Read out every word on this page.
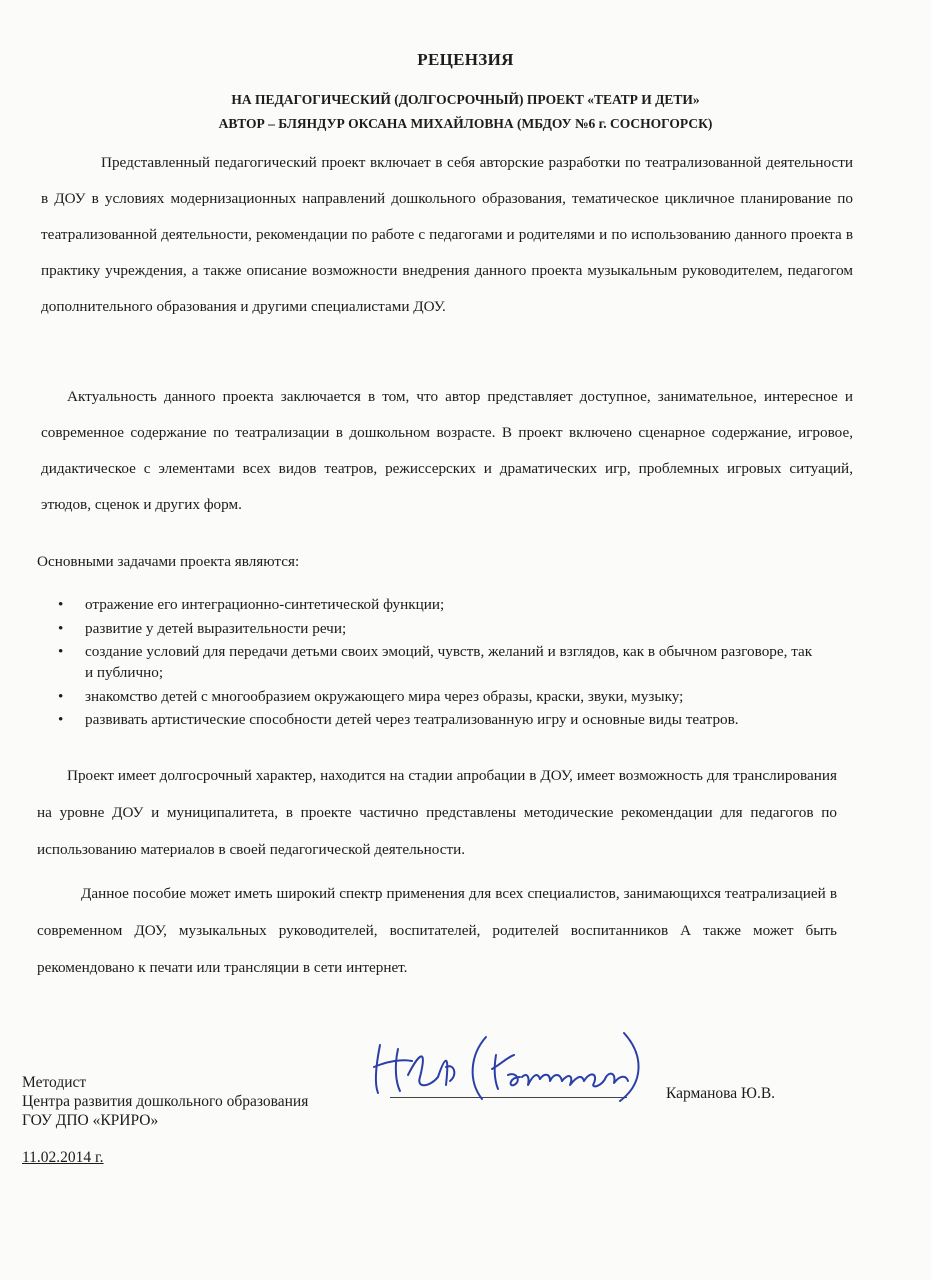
РЕЦЕНЗИЯ
НА ПЕДАГОГИЧЕСКИЙ (ДОЛГОСРОЧНЫЙ) ПРОЕКТ «ТЕАТР И ДЕТИ»
АВТОР – БЛЯНДУР ОКСАНА МИХАЙЛОВНА (МБДОУ №6 г. СОСНОГОРСК)
Представленный педагогический проект включает в себя авторские разработки по театрализованной деятельности в ДОУ в условиях модернизационных направлений дошкольного образования, тематическое цикличное планирование по театрализованной деятельности, рекомендации по работе с педагогами и родителями и по использованию данного проекта в практику учреждения, а также описание возможности внедрения данного проекта музыкальным руководителем, педагогом дополнительного образования и другими специалистами ДОУ.
Актуальность данного проекта заключается в том, что автор представляет доступное, занимательное, интересное и современное содержание по театрализации в дошкольном возрасте. В проект включено сценарное содержание, игровое, дидактическое с элементами всех видов театров, режиссерских и драматических игр, проблемных игровых ситуаций, этюдов, сценок и других форм.
Основными задачами проекта являются:
• отражение его интеграционно-синтетической функции;
• развитие у детей выразительности речи;
• создание условий для передачи детьми своих эмоций, чувств, желаний и взглядов, как в обычном разговоре, так и публично;
• знакомство детей с многообразием окружающего мира через образы, краски, звуки, музыку;
• развивать артистические способности детей через театрализованную игру и основные виды театров.
Проект имеет долгосрочный характер, находится на стадии апробации в ДОУ, имеет возможность для транслирования на уровне ДОУ и муниципалитета, в проекте частично представлены методические рекомендации для педагогов по использованию материалов в своей педагогической деятельности.
Данное пособие может иметь широкий спектр применения для всех специалистов, занимающихся театрализацией в современном ДОУ, музыкальных руководителей, воспитателей, родителей воспитанников А также может быть рекомендовано к печати или трансляции в сети интернет.
Методист
Центра развития дошкольного образования
ГОУ ДПО «КРИРО»
11.02.2014 г.
Карманова Ю.В.
